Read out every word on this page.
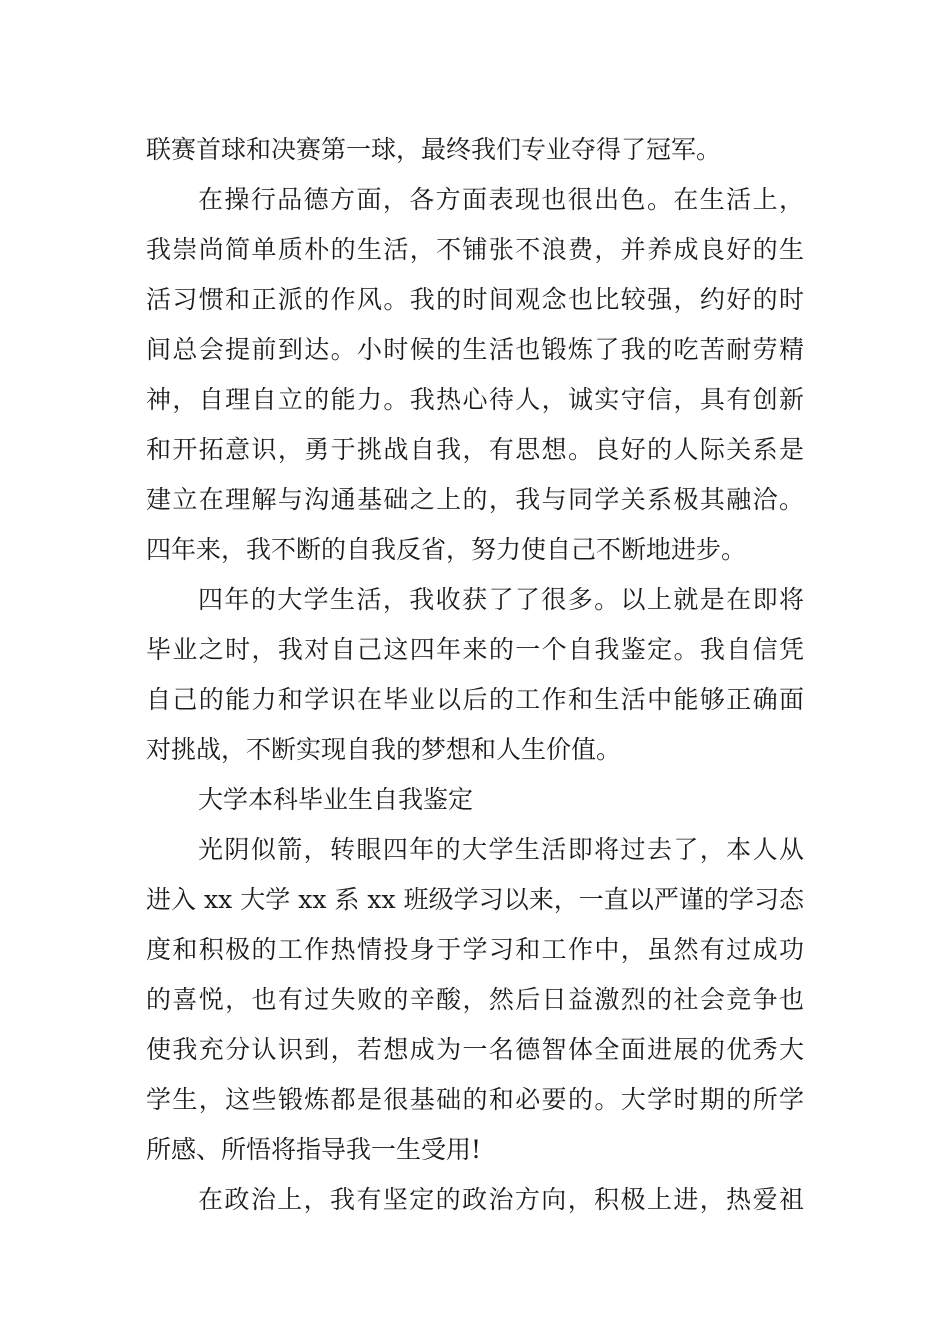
联赛首球和决赛第一球，最终我们专业夺得了冠军。
在操行品德方面，各方面表现也很出色。在生活上，
我崇尚简单质朴的生活，不铺张不浪费，并养成良好的生
活习惯和正派的作风。我的时间观念也比较强，约好的时
间总会提前到达。小时候的生活也锻炼了我的吃苦耐劳精
神，自理自立的能力。我热心待人，诚实守信，具有创新
和开拓意识，勇于挑战自我，有思想。良好的人际关系是
建立在理解与沟通基础之上的，我与同学关系极其融洽。
四年来，我不断的自我反省，努力使自己不断地进步。
四年的大学生活，我收获了了很多。以上就是在即将
毕业之时，我对自己这四年来的一个自我鉴定。我自信凭
自己的能力和学识在毕业以后的工作和生活中能够正确面
对挑战，不断实现自我的梦想和人生价值。
大学本科毕业生自我鉴定
光阴似箭，转眼四年的大学生活即将过去了，本人从
进入 xx 大学 xx 系 xx 班级学习以来，一直以严谨的学习态
度和积极的工作热情投身于学习和工作中，虽然有过成功
的喜悦，也有过失败的辛酸，然后日益激烈的社会竞争也
使我充分认识到，若想成为一名德智体全面进展的优秀大
学生，这些锻炼都是很基础的和必要的。大学时期的所学
所感、所悟将指导我一生受用!
在政治上，我有坚定的政治方向，积极上进，热爱祖
